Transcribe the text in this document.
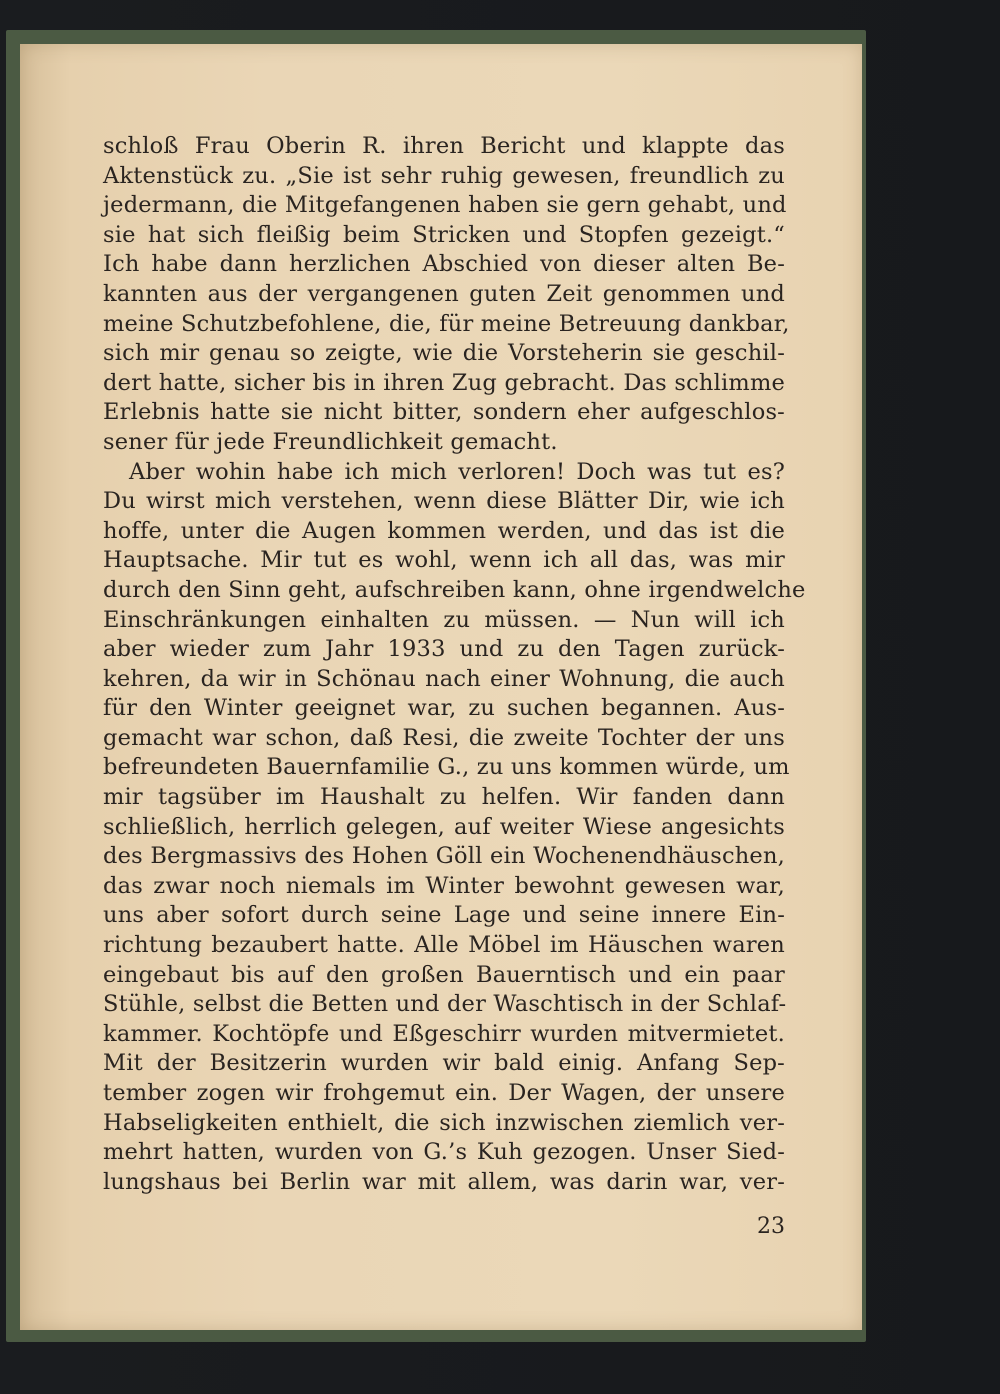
schloß Frau Oberin R. ihren Bericht und klappte das
Aktenstück zu. „Sie ist sehr ruhig gewesen, freundlich zu
jedermann, die Mitgefangenen haben sie gern gehabt, und
sie hat sich fleißig beim Stricken und Stopfen gezeigt.“
Ich habe dann herzlichen Abschied von dieser alten Be-
kannten aus der vergangenen guten Zeit genommen und
meine Schutzbefohlene, die, für meine Betreuung dankbar,
sich mir genau so zeigte, wie die Vorsteherin sie geschil-
dert hatte, sicher bis in ihren Zug gebracht. Das schlimme
Erlebnis hatte sie nicht bitter, sondern eher aufgeschlos-
sener für jede Freundlichkeit gemacht.
Aber wohin habe ich mich verloren! Doch was tut es?
Du wirst mich verstehen, wenn diese Blätter Dir, wie ich
hoffe, unter die Augen kommen werden, und das ist die
Hauptsache. Mir tut es wohl, wenn ich all das, was mir
durch den Sinn geht, aufschreiben kann, ohne irgendwelche
Einschränkungen einhalten zu müssen. — Nun will ich
aber wieder zum Jahr 1933 und zu den Tagen zurück-
kehren, da wir in Schönau nach einer Wohnung, die auch
für den Winter geeignet war, zu suchen begannen. Aus-
gemacht war schon, daß Resi, die zweite Tochter der uns
befreundeten Bauernfamilie G., zu uns kommen würde, um
mir tagsüber im Haushalt zu helfen. Wir fanden dann
schließlich, herrlich gelegen, auf weiter Wiese angesichts
des Bergmassivs des Hohen Göll ein Wochenendhäuschen,
das zwar noch niemals im Winter bewohnt gewesen war,
uns aber sofort durch seine Lage und seine innere Ein-
richtung bezaubert hatte. Alle Möbel im Häuschen waren
eingebaut bis auf den großen Bauerntisch und ein paar
Stühle, selbst die Betten und der Waschtisch in der Schlaf-
kammer. Kochtöpfe und Eßgeschirr wurden mitvermietet.
Mit der Besitzerin wurden wir bald einig. Anfang Sep-
tember zogen wir frohgemut ein. Der Wagen, der unsere
Habseligkeiten enthielt, die sich inzwischen ziemlich ver-
mehrt hatten, wurden von G.’s Kuh gezogen. Unser Sied-
lungshaus bei Berlin war mit allem, was darin war, ver-
23
